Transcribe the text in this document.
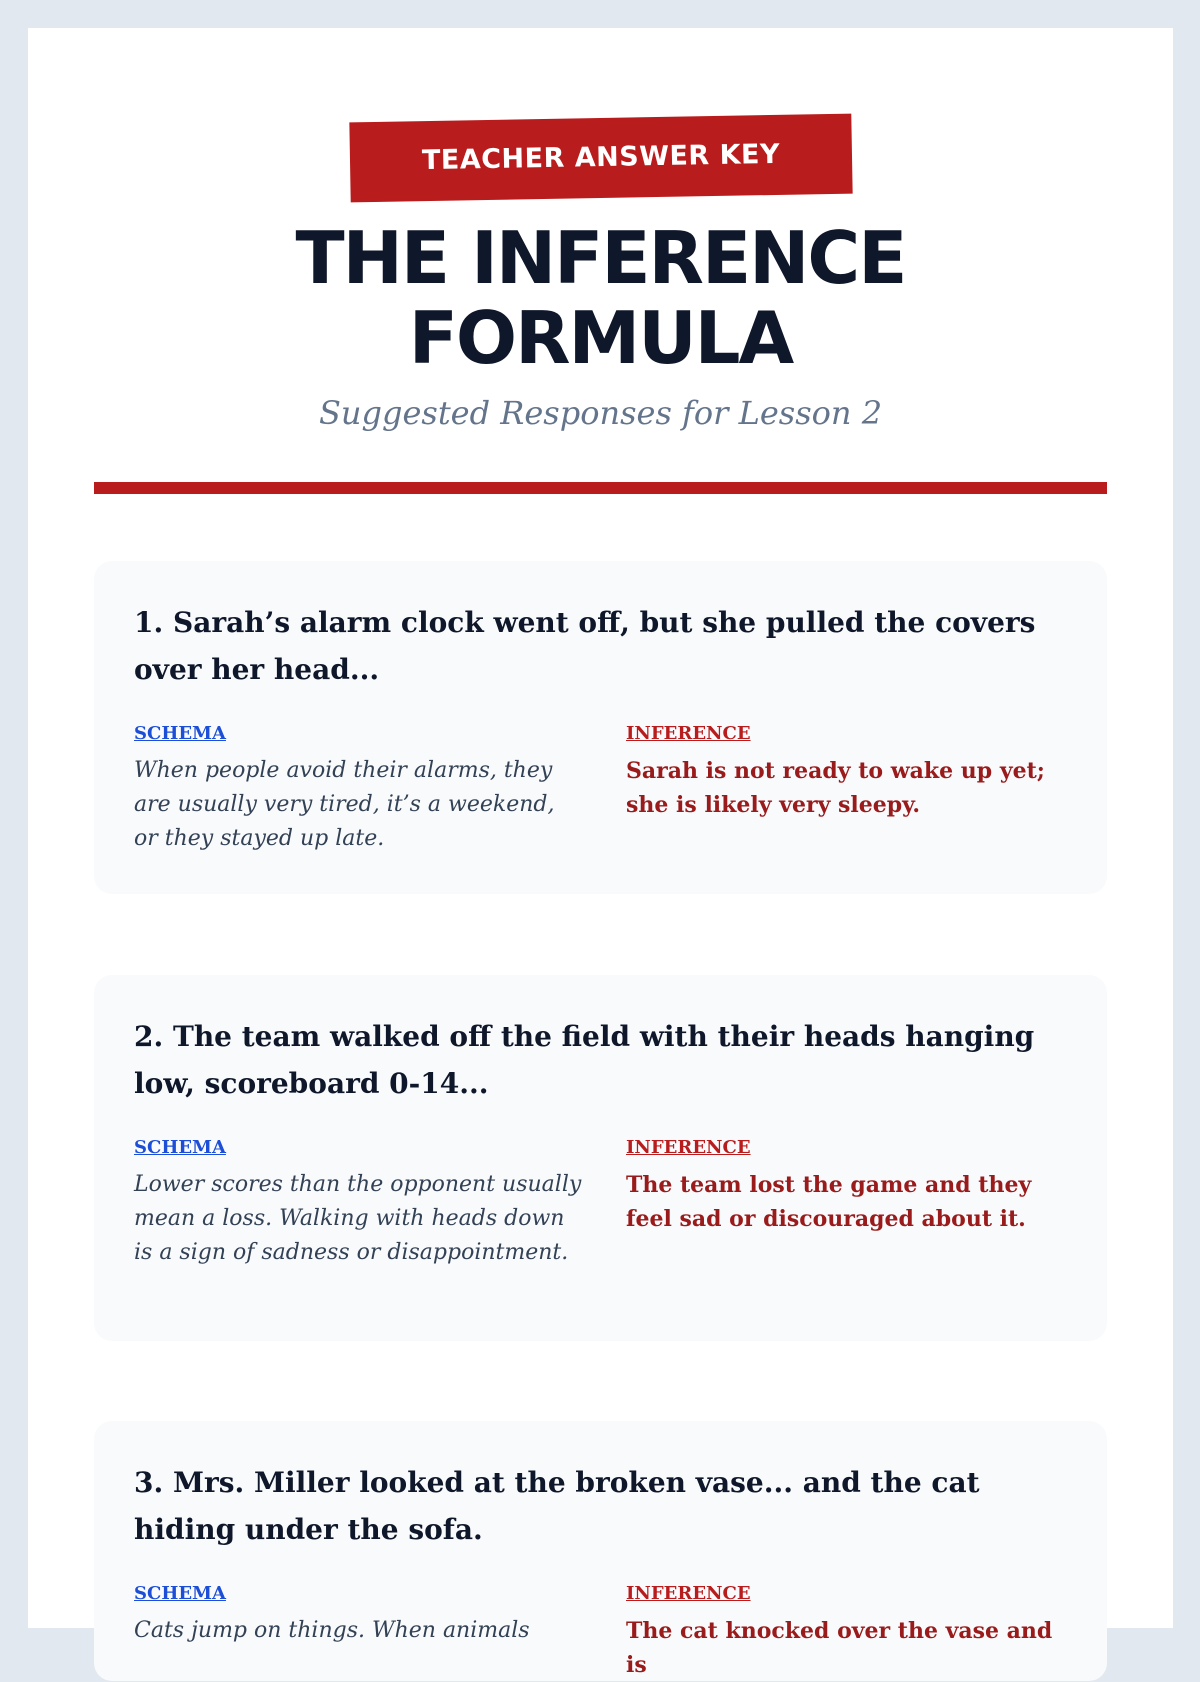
TEACHER ANSWER KEY
THE INFERENCE
FORMULA

Suggested Responses for Lesson 2

1. Sarah’s alarm clock went off, but she pulled the covers over her head...

SCHEMA

When people avoid their alarms, they are usually very tired, it’s a weekend, or they stayed up late.

INFERENCE

Sarah is not ready to wake up yet; she is likely very sleepy.

2. The team walked off the field with their heads hanging low, scoreboard 0-14...

SCHEMA

Lower scores than the opponent usually mean a loss. Walking with heads down is a sign of sadness or disappointment.

INFERENCE

The team lost the game and they feel sad or discouraged about it.

3. Mrs. Miller looked at the broken vase... and the cat hiding under the sofa.

SCHEMA

Cats jump on things. When animals

INFERENCE

The cat knocked over the vase and is
